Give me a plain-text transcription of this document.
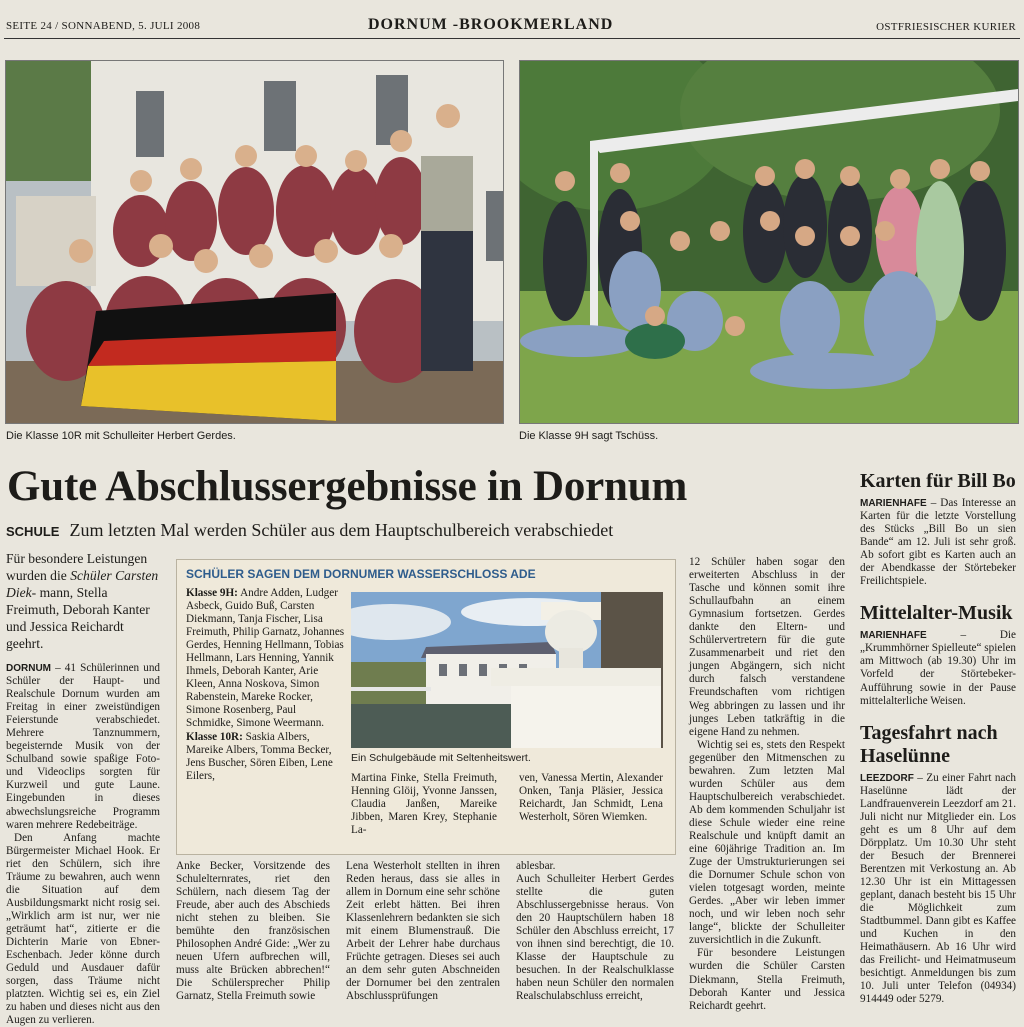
SEITE 24 / SONNABEND, 5. JULI 2008	DORNUM -BROOKMERLAND	OSTFRIESISCHER KURIER
Die Klasse 10R mit Schulleiter Herbert Gerdes.	Die Klasse 9H sagt Tschüss.
Gute Abschlussergebnisse in Dornum
SCHULE Zum letzten Mal werden Schüler aus dem Hauptschulbereich verabschiedet

Für besondere Leistungen wurden die Schüler Carsten Diek- mann, Stella Freimuth, Deborah Kanter und Jessica Reichardt geehrt.

DORNUM – 41 Schülerinnen und Schüler der Haupt- und Realschule Dornum wurden am Freitag in einer zweistündigen Feierstunde verabschiedet. Mehrere Tanznummern, begeisternde Musik von der Schulband sowie spaßige Foto- und Videoclips sorgten für Kurzweil und gute Laune. Eingebunden in dieses abwechslungsreiche Programm waren mehrere Redebeiträge.

Den Anfang machte Bürgermeister Michael Hook. Er riet den Schülern, sich ihre Träume zu bewahren, auch wenn die Situation auf dem Ausbildungsmarkt nicht rosig sei. „Wirklich arm ist nur, wer nie geträumt hat“, zitierte er die Dichterin Marie von Ebner-Eschenbach. Jeder könne durch Geduld und Ausdauer dafür sorgen, dass Träume nicht platzten. Wichtig sei es, ein Ziel zu haben und dieses nicht aus den Augen zu verlieren.

SCHÜLER SAGEN DEM DORNUMER WASSERSCHLOSS ADE

Klasse 9H: Andre Adden, Ludger Asbeck, Guido Buß, Carsten Diekmann, Tanja Fischer, Lisa Freimuth, Philip Garnatz, Johannes Gerdes, Henning Hellmann, Tobias Hellmann, Lars Henning, Yannik Ihmels, Deborah Kanter, Arie Kleen, Anna Noskova, Simon Rabenstein, Mareke Rocker, Simone Rosenberg, Paul Schmidke, Simone Weermann.

Klasse 10R: Saskia Albers, Mareike Albers, Tomma Becker, Jens Buscher, Sören Eiben, Lene Eilers,

Ein Schulgebäude mit Seltenheitswert.
Martina Finke, Stella Freimuth, Henning Glöij, Yvonne Janssen, Claudia Janßen, Mareike Jibben, Maren Krey, Stephanie La-
ven, Vanessa Mertin, Alexander Onken, Tanja Pläsier, Jessica Reichardt, Jan Schmidt, Lena Westerholt, Sören Wiemken.
Anke Becker, Vorsitzende des Schulelternrates, riet den Schülern, nach diesem Tag der Freude, aber auch des Abschieds nicht stehen zu bleiben. Sie bemühte den französischen Philosophen André Gide: „Wer zu neuen Ufern aufbrechen will, muss alte Brücken abbrechen!“ Die Schülersprecher Philip Garnatz, Stella Freimuth sowie
Lena Westerholt stellten in ihren Reden heraus, dass sie alles in allem in Dornum eine sehr schöne Zeit erlebt hätten. Bei ihren Klassenlehrern bedankten sie sich mit einem Blumenstrauß. Die Arbeit der Lehrer habe durchaus Früchte getragen. Dieses sei auch an dem sehr guten Abschneiden der Dornumer bei den zentralen Abschlussprüfungen
ablesbar.
Auch Schulleiter Herbert Gerdes stellte die guten Abschlussergebnisse heraus. Von den 20 Hauptschülern haben 18 Schüler den Abschluss erreicht, 17 von ihnen sind berechtigt, die 10. Klasse der Hauptschule zu besuchen. In der Realschulklasse haben neun Schüler den normalen Realschulabschluss erreicht,

12 Schüler haben sogar den erweiterten Abschluss in der Tasche und können somit ihre Schullaufbahn an einem Gymnasium fortsetzen. Gerdes dankte den Eltern- und Schülervertretern für die gute Zusammenarbeit und riet den jungen Abgängern, sich nicht durch falsch verstandene Freundschaften vom richtigen Weg abbringen zu lassen und ihr junges Leben tatkräftig in die eigene Hand zu nehmen.

Wichtig sei es, stets den Respekt gegenüber den Mitmenschen zu bewahren. Zum letzten Mal wurden Schüler aus dem Hauptschulbereich verabschiedet. Ab dem kommenden Schuljahr ist diese Schule wieder eine reine Realschule und knüpft damit an eine 60jährige Tradition an. Im Zuge der Umstrukturierungen sei die Dornumer Schule schon von vielen totgesagt worden, meinte Gerdes. „Aber wir leben immer noch, und wir leben noch sehr lange“, blickte der Schulleiter zuversichtlich in die Zukunft.

Für besondere Leistungen wurden die Schüler Carsten Diekmann, Stella Freimuth, Deborah Kanter und Jessica Reichardt geehrt.

Karten für Bill Bo
MARIENHAFE – Das Interesse an Karten für die letzte Vorstellung des Stücks „Bill Bo un sien Bande“ am 12. Juli ist sehr groß. Ab sofort gibt es Karten auch an der Abendkasse der Störtebeker Freilichtspiele.
Mittelalter-Musik
MARIENHAFE	– Die „Krummhörner Spielleute“ spielen am Mittwoch (ab 19.30) Uhr im Vorfeld der Störtebeker-Aufführung sowie in der Pause mittelalterliche Weisen.
Tagesfahrt nach Haselünne
LEEZDORF – Zu einer Fahrt nach Haselünne lädt der Landfrauenverein Leezdorf am 21. Juli nicht nur Mitglieder ein. Los geht es um 8 Uhr auf dem Dörpplatz. Um 10.30 Uhr steht der Besuch der Brennerei Berentzen mit Verkostung an. Ab 12.30 Uhr ist ein Mittagessen geplant, danach besteht bis 15 Uhr die Möglichkeit zum Stadtbummel. Dann gibt es Kaffee und Kuchen in den Heimathäusern. Ab 16 Uhr wird das Freilicht- und Heimatmuseum besichtigt. Anmeldungen bis zum 10. Juli unter Telefon (04934) 914449 oder 5279.
